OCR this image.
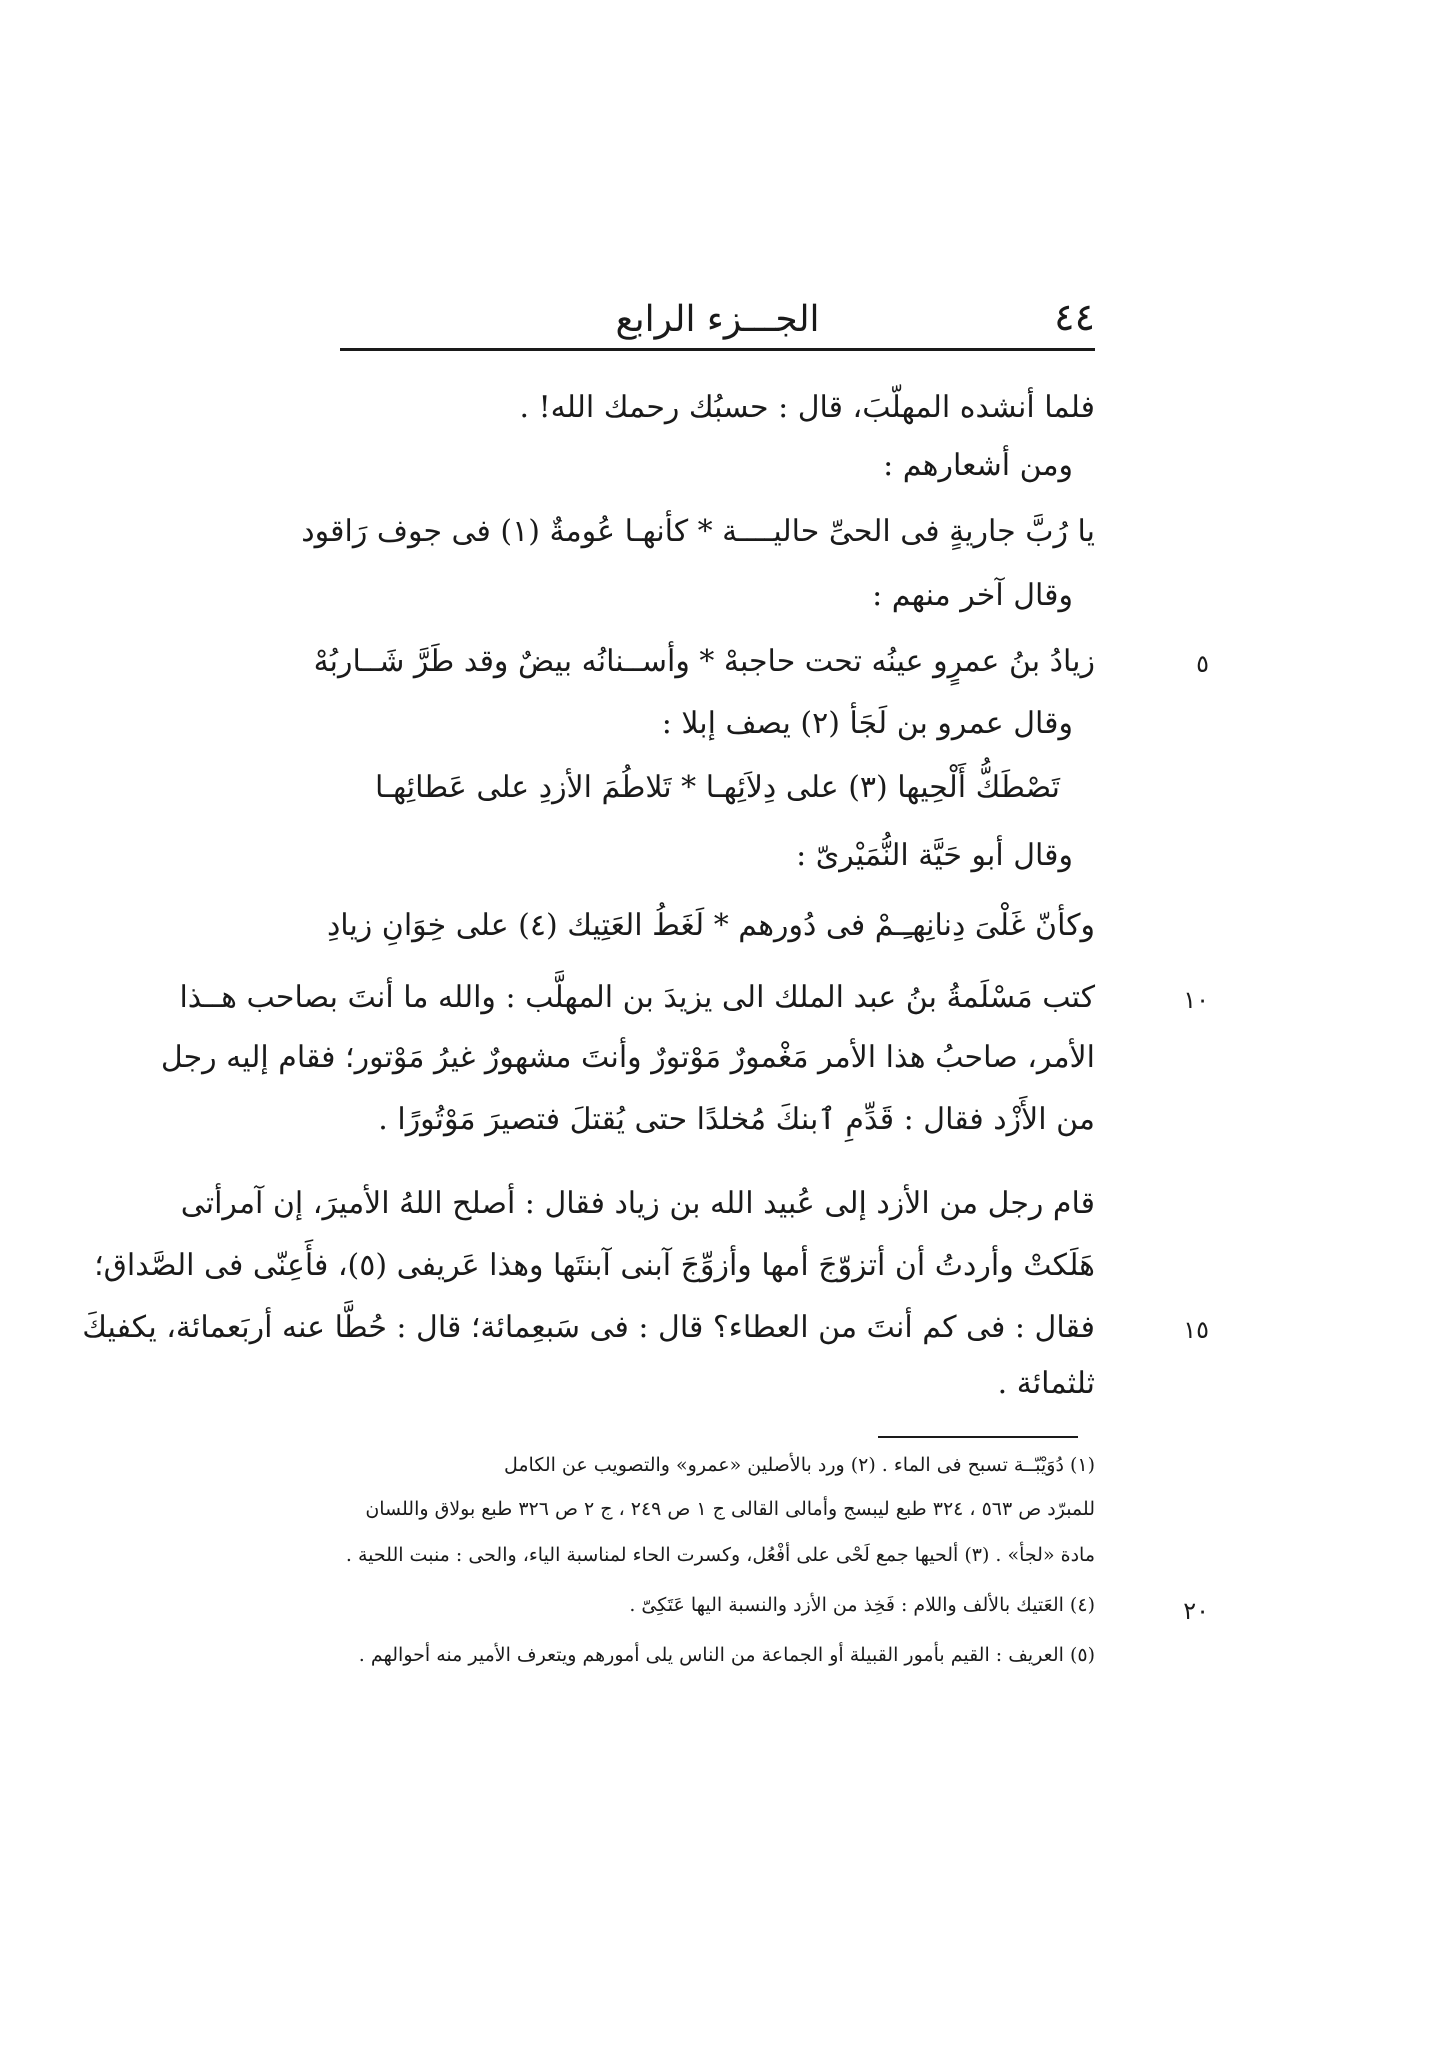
٤٤
الجـــزء الرابع
فلما أنشده المهلّبَ، قال : حسبُك رحمك الله! .
ومن أشعارهم :
يا رُبَّ جاريةٍ فى الحىِّ حاليــــة * كأنهـا عُومةٌ (١) فى جوف رَاقود
وقال آخر منهم :
زيادُ بنُ عمرٍو عينُه تحت حاجبهْ * وأســنانُه بيضٌ وقد طَرَّ شَــاربُهْ
وقال عمرو بن لَجَأ (٢) يصف إبلا :
تَصْطَكُّ أَلْحِيها (٣) على دِلاَئِهـا * تَلاطُمَ الأزدِ على عَطائِهـا
وقال أبو حَيَّة النُّمَيْرىّ :
وكأنّ غَلْىَ دِنانِهـِـمْ فى دُورهم * لَغَطُ العَتِيك (٤) على خِوَانِ زيادِ
كتب مَسْلَمةُ بنُ عبد الملك الى يزيدَ بن المهلَّب : والله ما أنتَ بصاحب هــذا
الأمر، صاحبُ هذا الأمر مَغْمورٌ مَوْتورٌ وأنتَ مشهورٌ غيرُ مَوْتور؛ فقام إليه رجل
من الأَزْد فقال : قَدِّمِ ٱبنكَ مُخلدًا حتى يُقتلَ فتصيرَ مَوْتُورًا .
قام رجل من الأزد إلى عُبيد الله بن زياد فقال : أصلح اللهُ الأميرَ، إن آمرأتى
هَلَكتْ وأردتُ أن أتزوّجَ أمها وأزوِّجَ آبنى آبنتَها وهذا عَريفى (٥)، فأَعِنّى فى الصَّداق؛
فقال : فى كم أنتَ من العطاء؟ قال : فى سَبعِمائة؛ قال : حُطَّا عنه أربَعمائة، يكفيكَ
ثلثمائة .
٥
١٠
١٥
٢٠
(١) دُوَيْبّــة تسبح فى الماء . (٢) ورد بالأصلين «عمرو» والتصويب عن الكامل
للمبرّد ص ٥٦٣ ، ٣٢٤ طبع ليبسج وأمالى القالى ج ١ ص ٢٤٩ ، ج ٢ ص ٣٢٦ طبع بولاق واللسان
مادة «لجأ» . (٣) ألحيها جمع لَحْى على أفْعُل، وكسرت الحاء لمناسبة الياء، والحى : منبت اللحية .
(٤) العَتيك بالألف واللام : فَخِذ من الأزد والنسبة اليها عَتَكِىّ .
(٥) العريف : القيم بأمور القبيلة أو الجماعة من الناس يلى أمورهم ويتعرف الأمير منه أحوالهم .
